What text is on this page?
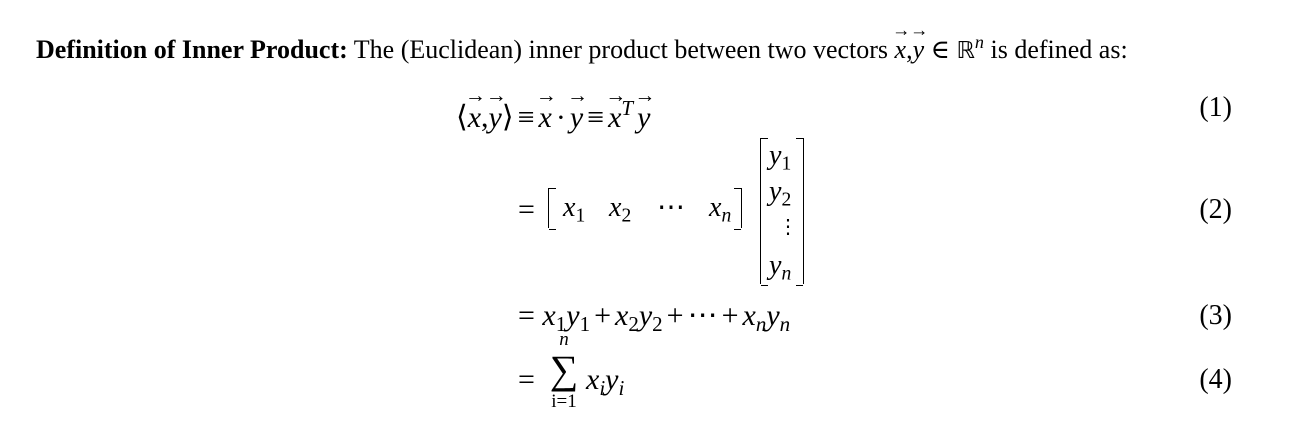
Definition of Inner Product: The (Euclidean) inner product between two vectors → x,→ y ∈ ℝ$^n$ is defined as:
⟨→ x,→ y⟩ ≡→ $x \cdot\to y \equiv\to x^T\to y$	(1)
= $x_1$ $x_2$ ⋯ $x_n$
$y_1$
$y_2$
⋮
$y_n$
(2)
= $x_1y_1 + x_2y_2$ + ⋯ + $x_ny_n$	(3)
=
n
∑
i=1
$x_iy_i$	(4)
